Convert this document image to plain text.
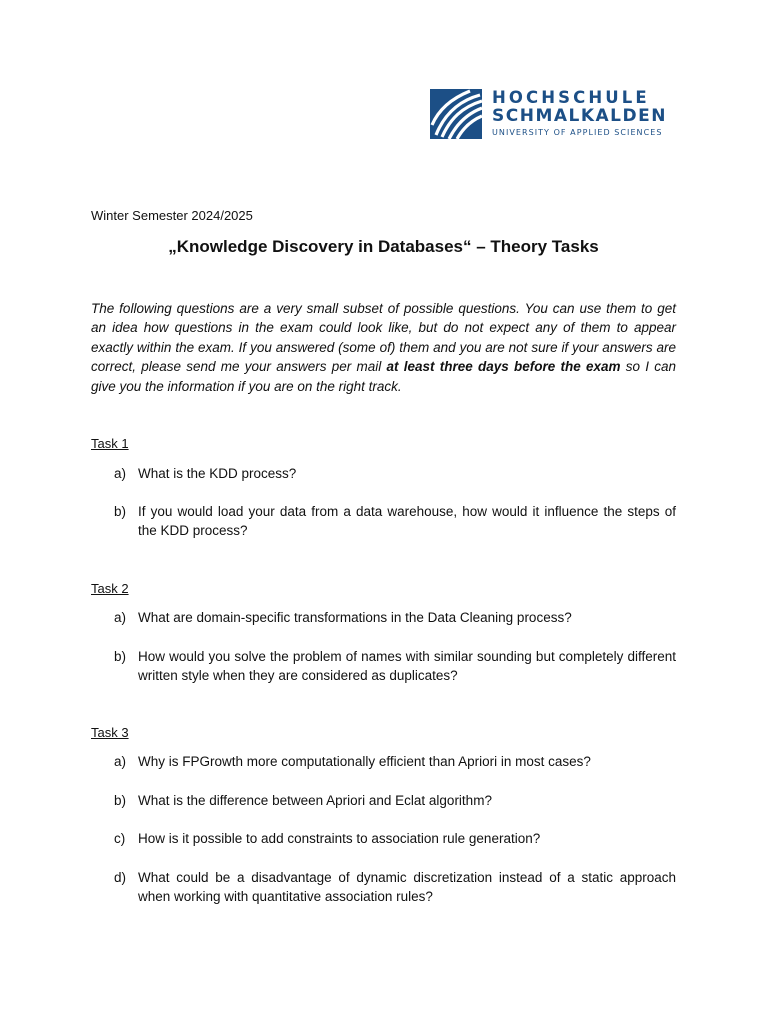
HOCHSCHULE
SCHMALKALDEN
UNIVERSITY OF APPLIED SCIENCES
Winter Semester 2024/2025
„Knowledge Discovery in Databases“ – Theory Tasks
The following questions are a very small subset of possible questions. You can use them to get an idea how questions in the exam could look like, but do not expect any of them to appear exactly within the exam. If you answered (some of) them and you are not sure if your answers are correct, please send me your answers per mail at least three days before the exam so I can give you the information if you are on the right track.
Task 1
a) What is the KDD process?
b) If you would load your data from a data warehouse, how would it influence the steps of the KDD process?
Task 2
a) What are domain-specific transformations in the Data Cleaning process?
b) How would you solve the problem of names with similar sounding but completely different written style when they are considered as duplicates?
Task 3
a) Why is FPGrowth more computationally efficient than Apriori in most cases?
b) What is the difference between Apriori and Eclat algorithm?
c) How is it possible to add constraints to association rule generation?
d) What could be a disadvantage of dynamic discretization instead of a static approach when working with quantitative association rules?
